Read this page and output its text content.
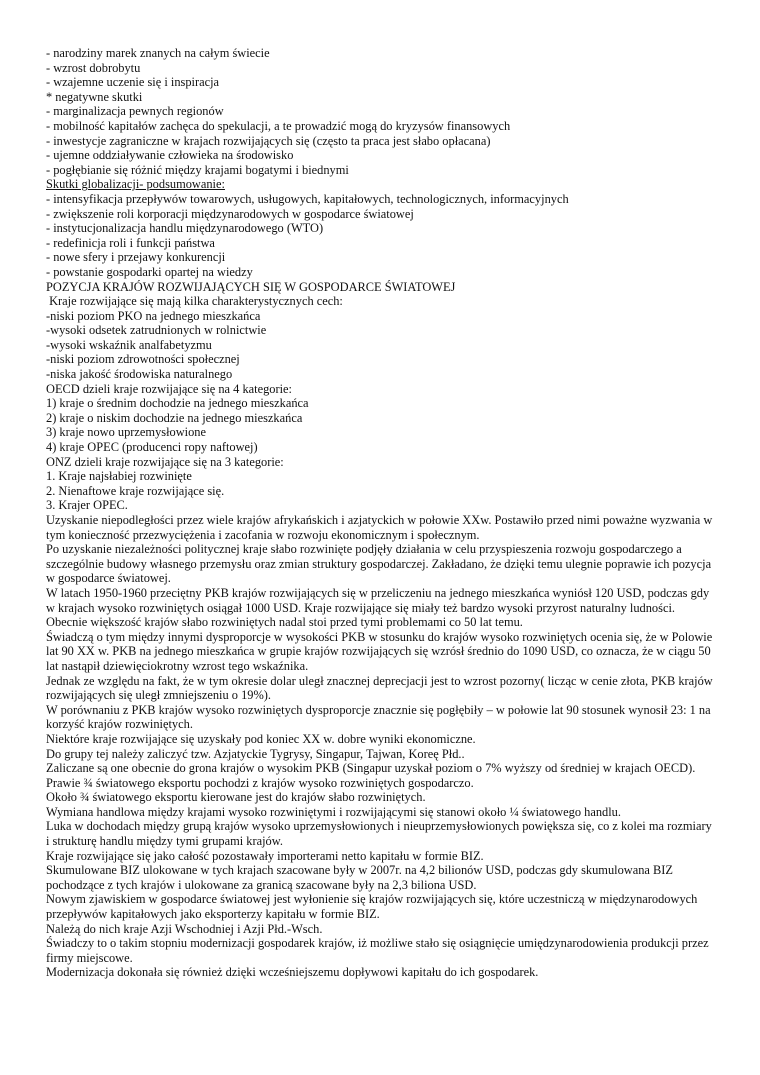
- narodziny marek znanych na całym świecie
- wzrost dobrobytu
- wzajemne uczenie się i inspiracja
* negatywne skutki
- marginalizacja pewnych regionów
- mobilność kapitałów zachęca do spekulacji, a te prowadzić mogą do kryzysów finansowych
- inwestycje zagraniczne w krajach rozwijających się (często ta praca jest słabo opłacana)
- ujemne oddziaływanie człowieka na środowisko
- pogłębianie się różnić między krajami bogatymi i biednymi
Skutki globalizacji- podsumowanie:
- intensyfikacja przepływów towarowych, usługowych, kapitałowych, technologicznych, informacyjnych
- zwiększenie roli korporacji międzynarodowych w gospodarce światowej
- instytucjonalizacja handlu międzynarodowego (WTO)
- redefinicja roli i funkcji państwa
- nowe sfery i przejawy konkurencji
- powstanie gospodarki opartej na wiedzy
POZYCJA KRAJÓW ROZWIJAJĄCYCH SIĘ W GOSPODARCE ŚWIATOWEJ
Kraje rozwijające się mają kilka charakterystycznych cech:
-niski poziom PKO na jednego mieszkańca
-wysoki odsetek zatrudnionych w rolnictwie
-wysoki wskaźnik analfabetyzmu
-niski poziom zdrowotności społecznej
-niska jakość środowiska naturalnego
OECD dzieli kraje rozwijające się na 4 kategorie:
1) kraje o średnim dochodzie na jednego mieszkańca
2) kraje o niskim dochodzie na jednego mieszkańca
3) kraje nowo uprzemysłowione
4) kraje OPEC (producenci ropy naftowej)
ONZ dzieli kraje rozwijające się na 3 kategorie:
1. Kraje najsłabiej rozwinięte
2. Nienaftowe kraje rozwijające się.
3. Krajer OPEC.
Uzyskanie niepodległości przez wiele krajów afrykańskich i azjatyckich w połowie XXw. Postawiło przed nimi poważne wyzwania w tym konieczność przezwyciężenia i zacofania w rozwoju ekonomicznym i społecznym.
Po uzyskanie niezależności politycznej kraje słabo rozwinięte podjęły działania w celu przyspieszenia rozwoju gospodarczego a szczególnie budowy własnego przemysłu oraz zmian struktury gospodarczej. Zakładano, że dzięki temu ulegnie poprawie ich pozycja w gospodarce światowej.
W latach 1950-1960 przeciętny PKB krajów rozwijających się w przeliczeniu na jednego mieszkańca wyniósł 120 USD, podczas gdy w krajach wysoko rozwiniętych osiągał 1000 USD. Kraje rozwijające się miały też bardzo wysoki przyrost naturalny ludności.
Obecnie większość krajów słabo rozwiniętych nadal stoi przed tymi problemami co 50 lat temu.
Świadczą o tym między innymi dysproporcje w wysokości PKB w stosunku do krajów wysoko rozwiniętych ocenia się, że w Polowie lat 90 XX w. PKB na jednego mieszkańca w grupie krajów rozwijających się wzrósł średnio do 1090 USD, co oznacza, że w ciągu 50 lat nastąpił dziewięciokrotny wzrost tego wskaźnika.
Jednak ze względu na fakt, że w tym okresie dolar uległ znacznej deprecjacji jest to wzrost pozorny( licząc w cenie złota, PKB krajów rozwijających się uległ zmniejszeniu o 19%).
W porównaniu z PKB krajów wysoko rozwiniętych dysproporcje znacznie się pogłębiły – w połowie lat 90 stosunek wynosił 23: 1 na korzyść krajów rozwiniętych.
Niektóre kraje rozwijające się uzyskały pod koniec XX w. dobre wyniki ekonomiczne.
Do grupy tej należy zaliczyć tzw. Azjatyckie Tygrysy, Singapur, Tajwan, Koreę Płd..
Zaliczane są one obecnie do grona krajów o wysokim PKB (Singapur uzyskał poziom o 7% wyższy od średniej w krajach OECD).
Prawie ¾ światowego eksportu pochodzi z krajów wysoko rozwiniętych gospodarczo.
Około ¾ światowego eksportu kierowane jest do krajów słabo rozwiniętych.
Wymiana handlowa między krajami wysoko rozwiniętymi i rozwijającymi się stanowi około ¼ światowego handlu.
Luka w dochodach między grupą krajów wysoko uprzemysłowionych i nieuprzemysłowionych powiększa się, co z kolei ma rozmiary i strukturę handlu między tymi grupami krajów.
Kraje rozwijające się jako całość pozostawały importerami netto kapitału w formie BIZ.
Skumulowane BIZ ulokowane w tych krajach szacowane były w 2007r. na 4,2 bilionów USD, podczas gdy skumulowana BIZ pochodzące z tych krajów i ulokowane za granicą szacowane były na 2,3 biliona USD.
Nowym zjawiskiem w gospodarce światowej jest wyłonienie się krajów rozwijających się, które uczestniczą w międzynarodowych przepływów kapitałowych jako eksporterzy kapitału w formie BIZ.
Należą do nich kraje Azji Wschodniej i Azji Płd.-Wsch.
Świadczy to o takim stopniu modernizacji gospodarek krajów, iż możliwe stało się osiągnięcie umiędzynarodowienia produkcji przez firmy miejscowe.
Modernizacja dokonała się również dzięki wcześniejszemu dopływowi kapitału do ich gospodarek.
